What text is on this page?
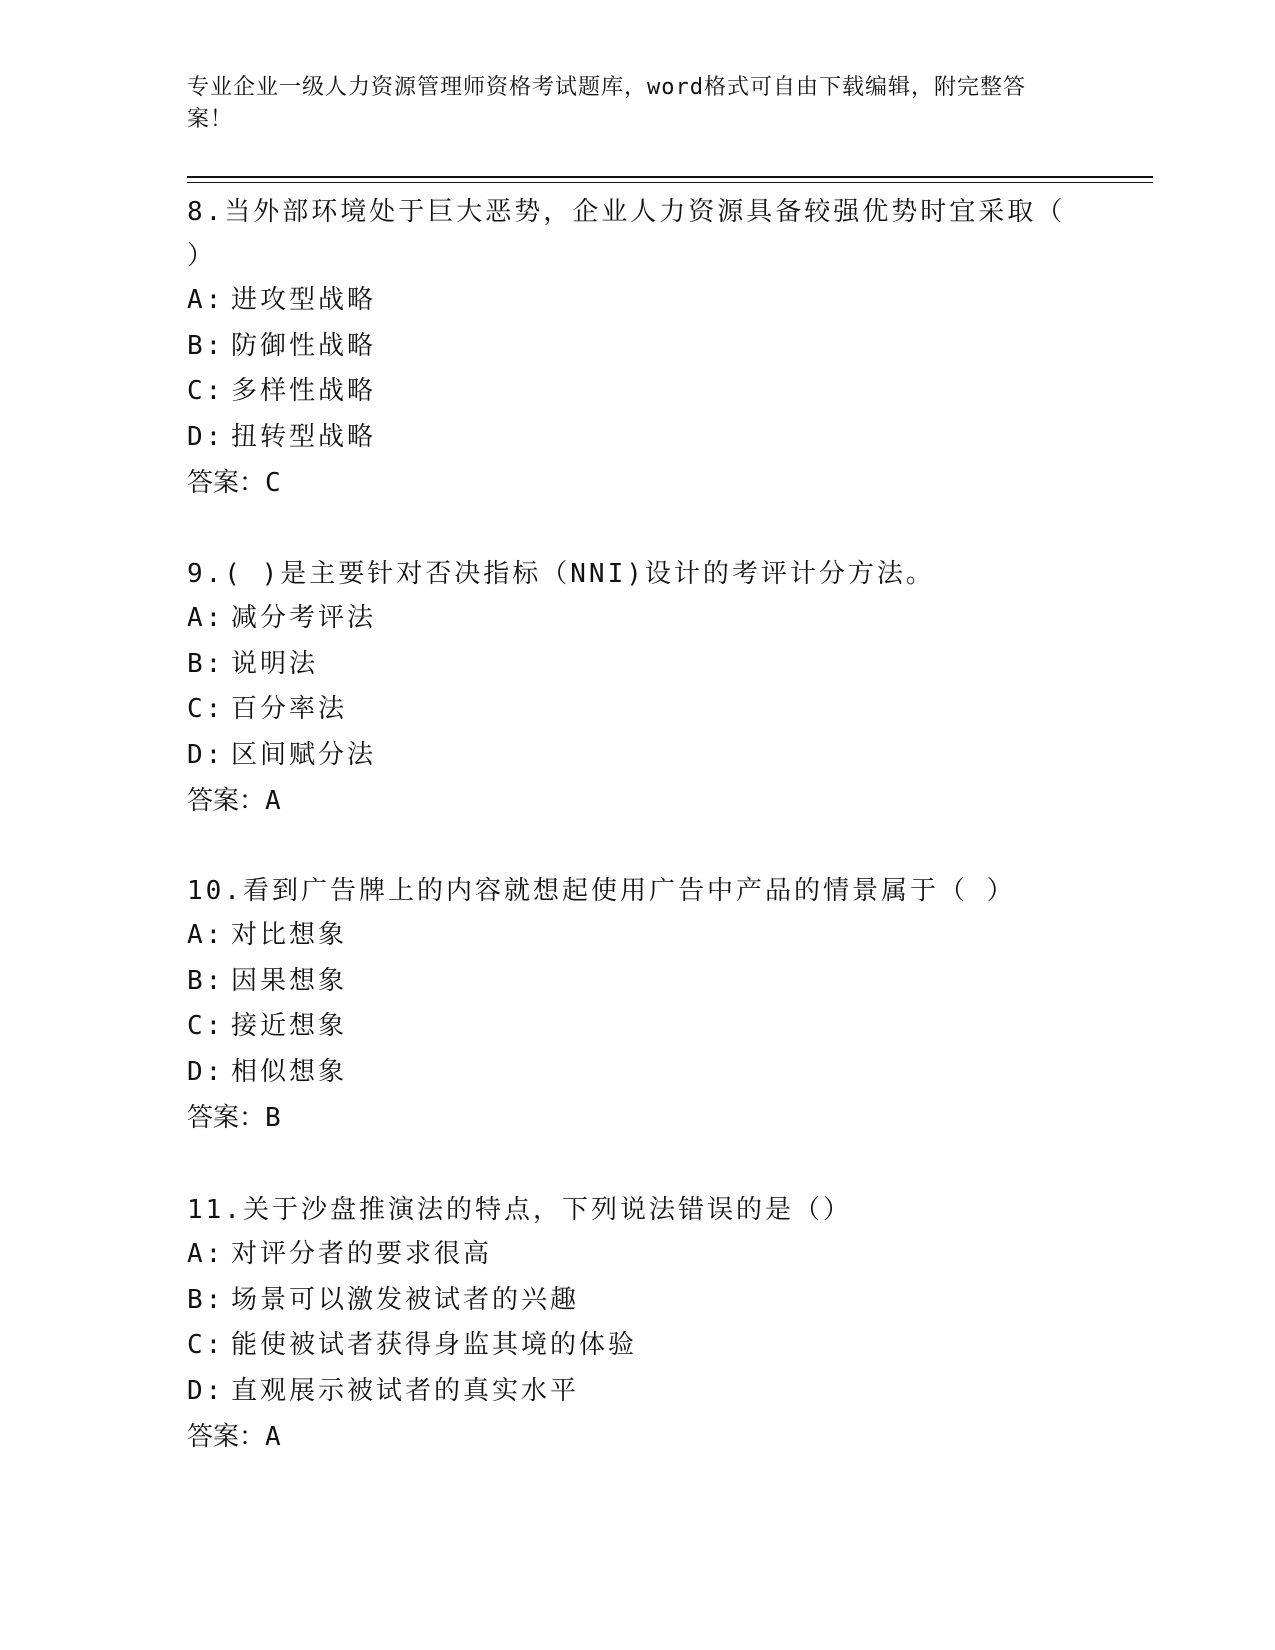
专业企业一级人力资源管理师资格考试题库，word格式可自由下载编辑，附完整答案！

8.当外部环境处于巨大恶势，企业人力资源具备较强优势时宜采取（ ）

A: 进攻型战略
B: 防御性战略
C: 多样性战略
D: 扭转型战略

答案：C

9.( )是主要针对否决指标（NNI)设计的考评计分方法。

A: 减分考评法
B: 说明法
C: 百分率法
D: 区间赋分法

答案：A

10.看到广告牌上的内容就想起使用广告中产品的情景属于（ ）

A: 对比想象
B: 因果想象
C: 接近想象
D: 相似想象

答案：B

11.关于沙盘推演法的特点，下列说法错误的是（）

A: 对评分者的要求很高
B: 场景可以激发被试者的兴趣
C: 能使被试者获得身监其境的体验
D: 直观展示被试者的真实水平

答案：A
